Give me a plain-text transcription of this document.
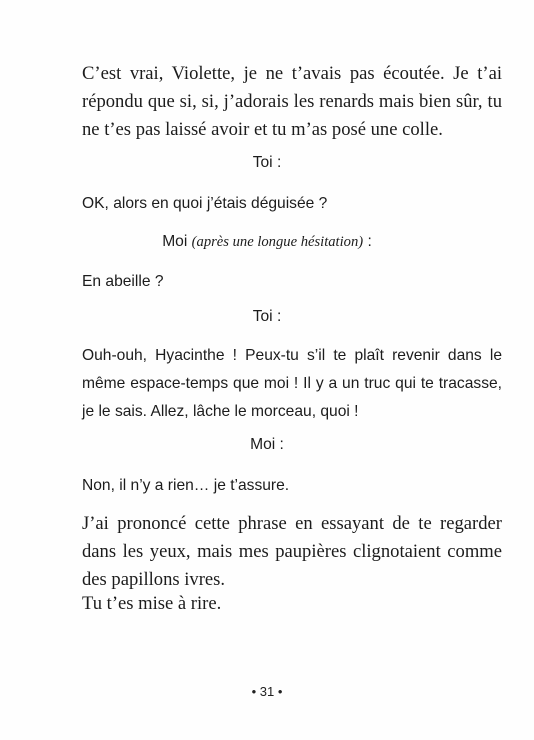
C’est vrai, Violette, je ne t’avais pas écoutée. Je t’ai répondu que si, si, j’adorais les renards mais bien sûr, tu ne t’es pas laissé avoir et tu m’as posé une colle.

Toi :

OK, alors en quoi j’étais déguisée ?

Moi (après une longue hésitation) :

En abeille ?

Toi :

Ouh-ouh, Hyacinthe ! Peux-tu s’il te plaît revenir dans le même espace-temps que moi ! Il y a un truc qui te tracasse, je le sais. Allez, lâche le morceau, quoi !

Moi :

Non, il n’y a rien… je t’assure.

J’ai prononcé cette phrase en essayant de te regarder dans les yeux, mais mes paupières clignotaient comme des papillons ivres.

Tu t’es mise à rire.

• 31 •
